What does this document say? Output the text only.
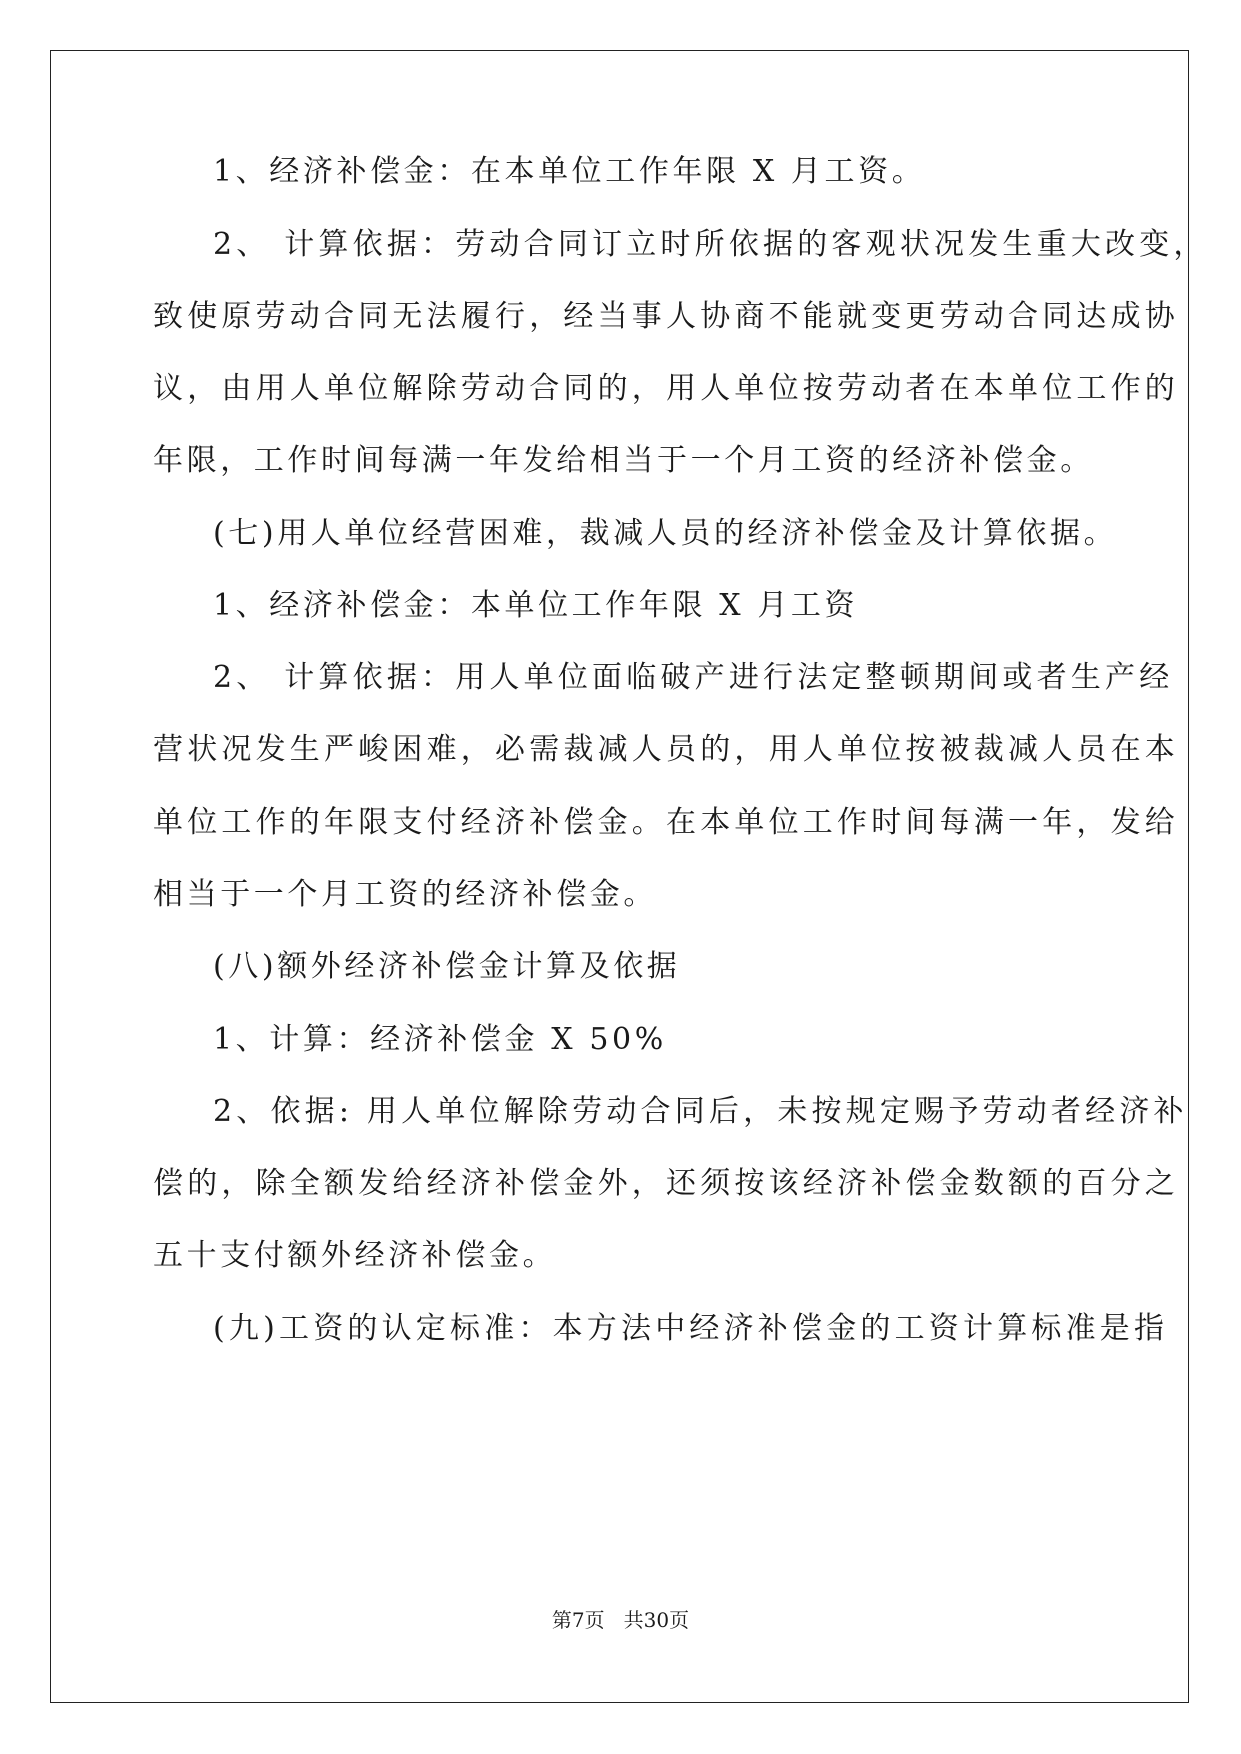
1、经济补偿金：在本单位工作年限 X 月工资。

2、 计算依据：劳动合同订立时所依据的客观状况发生重大改变，

致使原劳动合同无法履行，经当事人协商不能就变更劳动合同达成协

议，由用人单位解除劳动合同的，用人单位按劳动者在本单位工作的

年限，工作时间每满一年发给相当于一个月工资的经济补偿金。

(七)用人单位经营困难，裁减人员的经济补偿金及计算依据。

1、经济补偿金：本单位工作年限 X 月工资

2、 计算依据：用人单位面临破产进行法定整顿期间或者生产经

营状况发生严峻困难，必需裁减人员的，用人单位按被裁减人员在本

单位工作的年限支付经济补偿金。在本单位工作时间每满一年，发给

相当于一个月工资的经济补偿金。

(八)额外经济补偿金计算及依据

1、计算：经济补偿金 X 50%

2、依据: 用人单位解除劳动合同后，未按规定赐予劳动者经济补

偿的，除全额发给经济补偿金外，还须按该经济补偿金数额的百分之

五十支付额外经济补偿金。

(九)工资的认定标准：本方法中经济补偿金的工资计算标准是指

第7页   共30页
